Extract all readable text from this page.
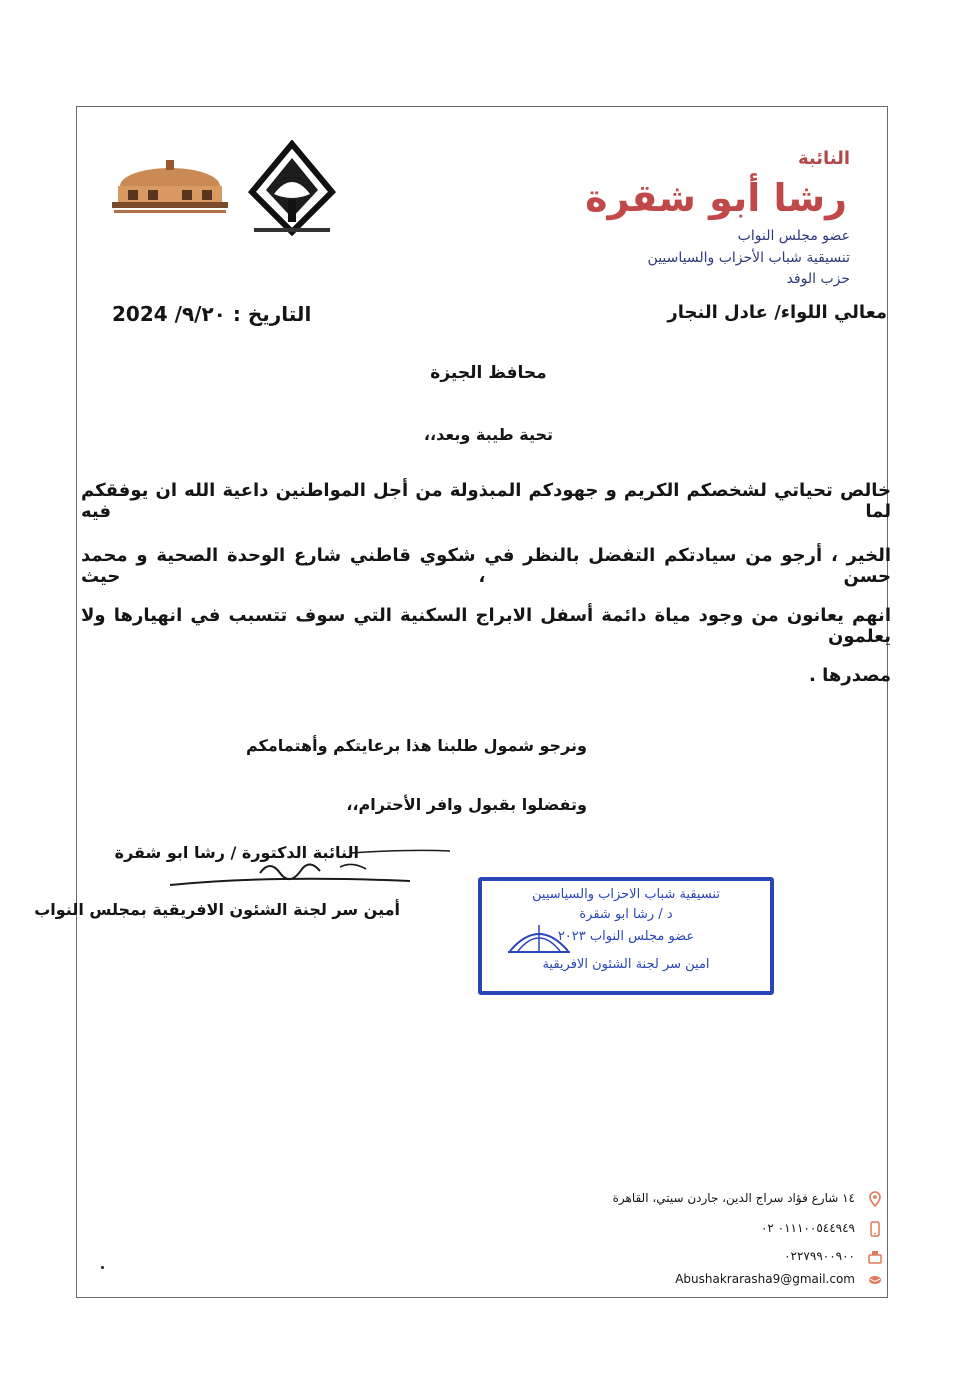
النائبة
رشا أبو شقرة
عضو مجلس النواب
تنسيقية شباب الأحزاب والسياسيين
حزب الوفد
التاريخ : ٩/٢٠/ 2024	معالي اللواء/ عادل النجار
محافظ الجيزة
تحية طيبة وبعد،،
خالص تحياتي لشخصكم الكريم و جهودكم المبذولة من أجل المواطنين داعية الله ان يوفقكم لما فيه
الخير ، أرجو من سيادتكم التفضل بالنظر في شكوي قاطني شارع الوحدة الصحية و محمد حسن ، حيث
انهم يعانون من وجود مياة دائمة أسفل الابراج السكنية التي سوف تتسبب في انهيارها ولا يعلمون
مصدرها .
ونرجو شمول طلبنا هذا برعايتكم وأهتمامكم
وتفضلوا بقبول وافر الأحترام،،
النائبة الدكتورة / رشا ابو شقرة
أمين سر لجنة الشئون الافريقية بمجلس النواب
تنسيقية شباب الاحزاب والسياسيين
د / رشا ابو شقرة
عضو مجلس النواب ٢٠٢٣
امين سر لجنة الشئون الافريقية
١٤ شارع فؤاد سراج الدين، جاردن سيتي، القاهرة
٠١١١٠٠٥٤٤٩٤٩ ٠٢
٠٢٢٧٩٩٠٠٩٠٠
Abushakrarasha9@gmail.com
